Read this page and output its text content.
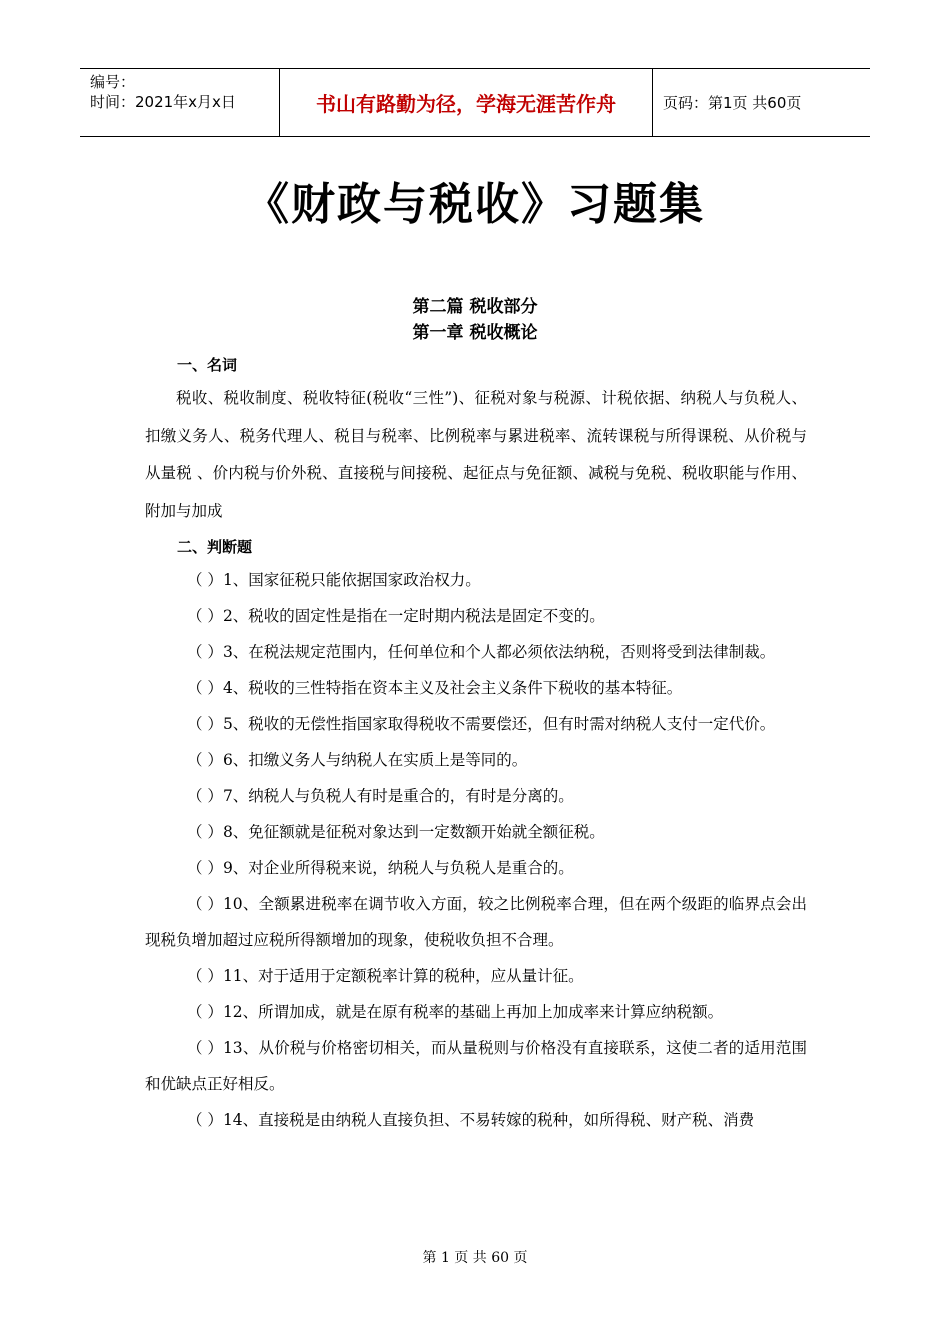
编号：
时间：2021年x月x日	书山有路勤为径，学海无涯苦作舟	页码：第1页 共60页
《财政与税收》习题集
第二篇 税收部分
第一章 税收概论
一、名词

税收、税收制度、税收特征(税收“三性”)、征税对象与税源、计税依据、纳税人与负税人、扣缴义务人、税务代理人、税目与税率、比例税率与累进税率、流转课税与所得课税、从价税与从量税 、价内税与价外税、直接税与间接税、起征点与免征额、减税与免税、税收职能与作用、附加与加成

二、判断题

（ ）1、国家征税只能依据国家政治权力。

（ ）2、税收的固定性是指在一定时期内税法是固定不变的。

（ ）3、在税法规定范围内，任何单位和个人都必须依法纳税，否则将受到法律制裁。

（ ）4、税收的三性特指在资本主义及社会主义条件下税收的基本特征。

（ ）5、税收的无偿性指国家取得税收不需要偿还，但有时需对纳税人支付一定代价。

（ ）6、扣缴义务人与纳税人在实质上是等同的。

（ ）7、纳税人与负税人有时是重合的，有时是分离的。

（ ）8、免征额就是征税对象达到一定数额开始就全额征税。

（ ）9、对企业所得税来说，纳税人与负税人是重合的。

（ ）10、全额累进税率在调节收入方面，较之比例税率合理，但在两个级距的临界点会出现税负增加超过应税所得额增加的现象，使税收负担不合理。

（ ）11、对于适用于定额税率计算的税种，应从量计征。

（ ）12、所谓加成，就是在原有税率的基础上再加上加成率来计算应纳税额。

（ ）13、从价税与价格密切相关，而从量税则与价格没有直接联系，这使二者的适用范围和优缺点正好相反。

（ ）14、直接税是由纳税人直接负担、不易转嫁的税种，如所得税、财产税、消费

第 1 页 共 60 页
